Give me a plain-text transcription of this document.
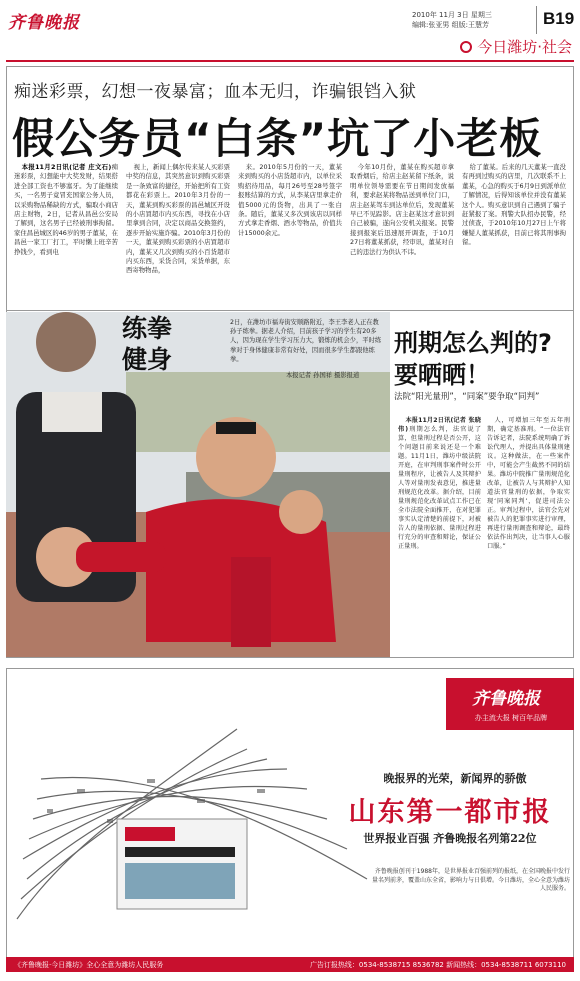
齐鲁晚报	2010年 11月 3日 星期三
编辑:张亚男 组版:王慧芳	B19
今日潍坊·社会
痴迷彩票，幻想一夜暴富；血本无归，诈骗银铛入狱
假公务员“白条”坑了小老板

本报11月2日讯(记者 庄文石)痴迷彩票，幻想能中大奖发财，结果搭进全部工资也不够塞牙。为了能继续买，一名男子竟冒充国家公务人员，以采购物品稀缺的方式，骗取小商店店主财物，2日，记者从昌邑公安局了解到，这名男子已经被刑事拘留。家住昌邑城区的46岁的男子董某，在昌邑一家工厂打工，平时懒上班辛苦挣钱少，看到电

视上，新闻上偶尔传来某人买彩票中奖的信息，其突然意识到购买彩票是一条致富的捷径，开始把所有工资都花在彩票上。2010年3月份的一天，董某到购买彩票的昌邑城区开设的小店買超市内买东西，寻找在小店里拿到合同，决定以商品交换签约，逐步开始实施诈骗。2010年3月份的一天，董某到购买彩票的小店買超市内，董某又几次到购买的小百货超市内买东西，采货合同，采货单据，东西寄物物品，

来。2010年5月份的一天，董某来到购买的小店货超市内，以单位采购招待用品，每月26号至28号签字报账结算的方式，从李某店里拿走价值5000元的货物，出具了一张白条。随后，董某又多次到该店以同样方式拿走香烟、酒水等物品，价值共计15000余元。

今年10月份，董某在购买超市拿取香烟后，给店主赵某留下纸条，说明单位领导需要在节日期间发放福利，要求赵某将物品送到单位门口，店主赵某驾车到达单位后，发现董某早已不见踪影。店主赵某这才意识到自己被骗，遂向公安机关报案。民警接到报案后迅速展开调查，于10月27日将董某抓获，经审讯，董某对自己的违法行为供认不讳。

给了董某。后来的几天董某一直没有再到过购买的店里，几次联系不上董某，心急的购买于6月9日到派单位了解情况，后得知该单位并没有董某这个人。购买意识到自己遇到了骗子赶紧报了案。刑警大队招办民警，经过侦查，于2010年10月27日上午将嫌疑人董某抓获，目前已将其刑事拘留。

练拳
健身
2日，在潍坊市福寿街安顺路附近，李王李老人正在教孙子练拳。据老人介绍，目前孩子学习的学生有20多人，因为现在学生学习压力大，锻炼的机会少，平时练拳对于身体健康非常有好处，因而很多学生都跟他练拳。
本报记者 孙国祥 摄影报道
刑期怎么判的?
要晒晒！
法院“阳光量刑”，“同案”要争取“同判”

本报11月2日讯(记者 张晓伟)刑期怎么判，法官说了算，但量刑过程是否公开，这个问题目前来说还是一个难题。11月1日，潍坊中级法院开庭，在审判刑事案件时公开量刑程序，让被告人及其辩护人等对量刑发表意见，推进量刑规范化改革。据介绍，目前量刑规范化改革试点工作已在全市法院全面推开，在对犯罪事实认定清楚的前提下，对被告人的量刑依据、量刑过程进行充分的审查和辩论，保证公正量刑。

人，可增加三年至五年刑期，确定基准刑。“一位法官告诉记者，法院系统明确了诉讼代理人，并提出具体量刑建议。这种做法，在一些案件中，可能会产生截然不同的结果。潍坊中院推广量刑规范化改革，让被告人与其辩护人知道法官量刑的依据，争取实现‘同案同判’，促进司法公正。审判过程中，法官会先对被告人的犯罪事实进行审理，再进行量刑调查和辩论，最终依法作出判决，让当事人心服口服。”

齐鲁晚报
办主流大报 树百年品牌
晚报界的光荣，新闻界的骄傲
山东第一都市报
世界报业百强 齐鲁晚报名列第22位
齐鲁晚报创刊于1988年，是世界报业百强前列的报纸，在全国晚报中发行量名列前茅，覆盖山东全省，影响力与日俱增。今日潍坊，全心全意为潍坊人民服务。
《齐鲁晚报·今日潍坊》全心全意为潍坊人民服务	广告订报热线：0534-8538715 8536782 新闻热线：0534-8538711 6073110
